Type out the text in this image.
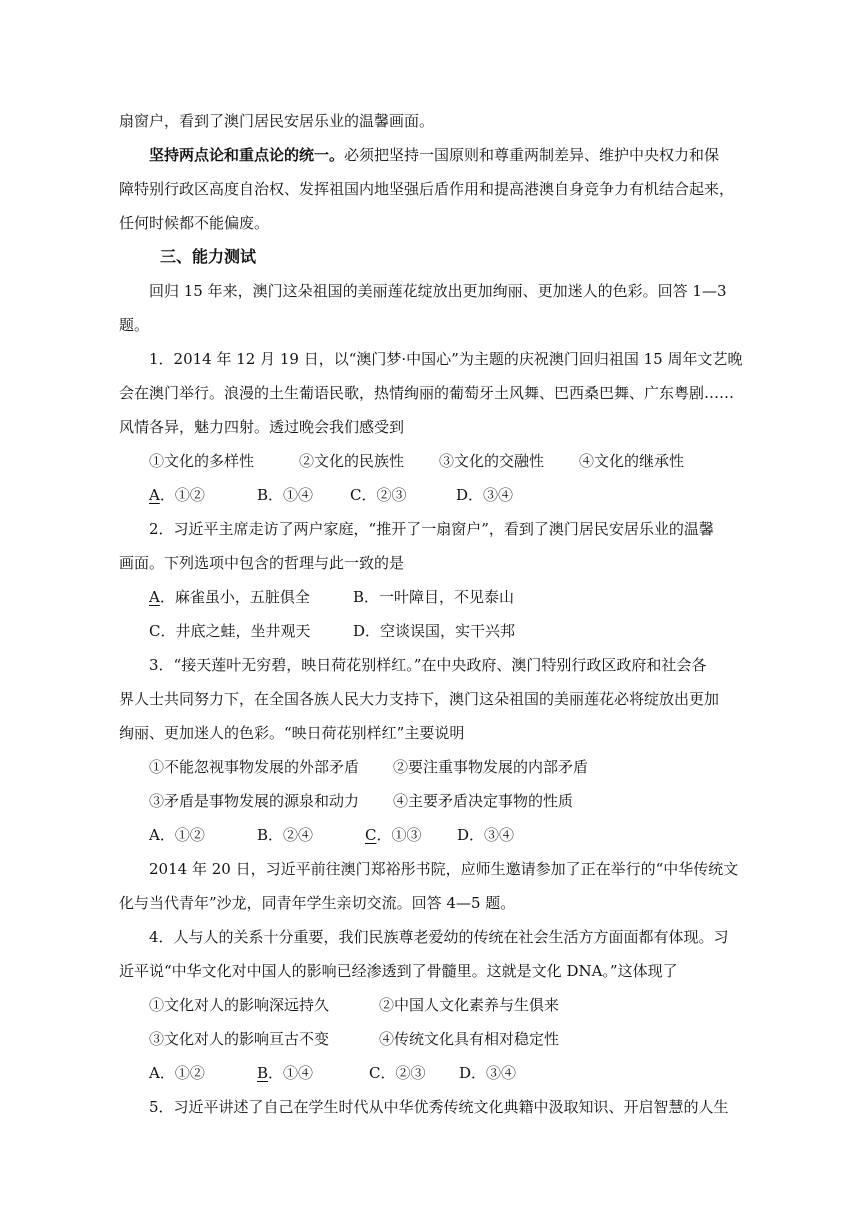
扇窗户，看到了澳门居民安居乐业的温馨画面。
坚持两点论和重点论的统一。必须把坚持一国原则和尊重两制差异、维护中央权力和保
障特别行政区高度自治权、发挥祖国内地坚强后盾作用和提高港澳自身竞争力有机结合起来，
任何时候都不能偏废。
三、能力测试
回归 15 年来，澳门这朵祖国的美丽莲花绽放出更加绚丽、更加迷人的色彩。回答 1—3
题。
1．2014 年 12 月 19 日，以“澳门梦·中国心”为主题的庆祝澳门回归祖国 15 周年文艺晚
会在澳门举行。浪漫的土生葡语民歌，热情绚丽的葡萄牙土风舞、巴西桑巴舞、广东粤剧……
风情各异，魅力四射。透过晚会我们感受到
①文化的多样性	②文化的民族性 ③文化的交融性 ④文化的继承性
A．①②	B．①④ C．②③	D．③④
2．习近平主席走访了两户家庭，“推开了一扇窗户”，看到了澳门居民安居乐业的温馨
画面。下列选项中包含的哲理与此一致的是
A．麻雀虽小，五脏俱全	B．一叶障目，不见泰山
C．井底之蛙，坐井观天	D．空谈误国，实干兴邦
3．“接天莲叶无穷碧，映日荷花别样红。”在中央政府、澳门特别行政区政府和社会各
界人士共同努力下，在全国各族人民大力支持下，澳门这朵祖国的美丽莲花必将绽放出更加
绚丽、更加迷人的色彩。“映日荷花别样红”主要说明
①不能忽视事物发展的外部矛盾 ②要注重事物发展的内部矛盾
③矛盾是事物发展的源泉和动力 ④主要矛盾决定事物的性质
A．①②	B．②④	C．①③ D．③④
2014 年 20 日，习近平前往澳门郑裕彤书院，应师生邀请参加了正在举行的“中华传统文
化与当代青年”沙龙，同青年学生亲切交流。回答 4—5 题。
4．人与人的关系十分重要，我们民族尊老爱幼的传统在社会生活方方面面都有体现。习
近平说“中华文化对中国人的影响已经渗透到了骨髓里。这就是文化 DNA。”这体现了
①文化对人的影响深远持久	②中国人文化素养与生俱来
③文化对人的影响亘古不变	④传统文化具有相对稳定性
A．①②	B．①④	C．②③ D．③④
5．习近平讲述了自己在学生时代从中华优秀传统文化典籍中汲取知识、开启智慧的人生
